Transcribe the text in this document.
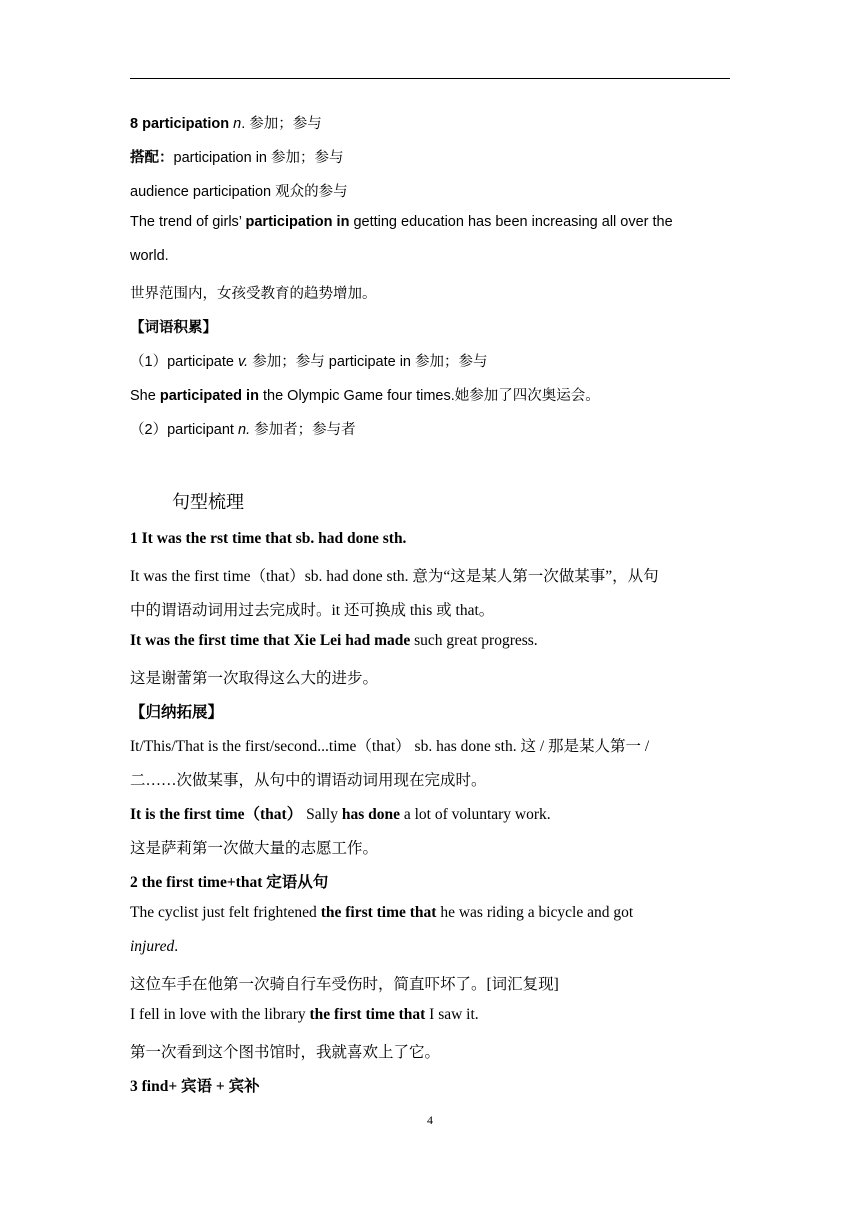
8 participation n. 参加；参与
搭配：participation in 参加；参与
audience participation 观众的参与
The trend of girls’ participation in getting education has been increasing all over the
world.
世界范围内，女孩受教育的趋势增加。
【词语积累】
（1）participate v. 参加；参与 participate in 参加；参与
She participated in the Olympic Game four times.她参加了四次奥运会。
（2）participant n. 参加者；参与者
句型梳理
1 It was the rst time that sb. had done sth.
It was the first time（that）sb. had done sth. 意为“这是某人第一次做某事”，从句
中的谓语动词用过去完成时。it 还可换成 this 或 that。
It was the first time that Xie Lei had made such great progress.
这是谢蕾第一次取得这么大的进步。
【归纳拓展】
It/This/That is the first/second...time（that） sb. has done sth. 这 / 那是某人第一 /
二……次做某事，从句中的谓语动词用现在完成时。
It is the first time（that） Sally has done a lot of voluntary work.
这是萨莉第一次做大量的志愿工作。
2 the first time+that 定语从句
The cyclist just felt frightened the first time that he was riding a bicycle and got
injured.
这位车手在他第一次骑自行车受伤时，简直吓坏了。[词汇复现]
I fell in love with the library the first time that I saw it.
第一次看到这个图书馆时，我就喜欢上了它。
3 find+ 宾语 + 宾补
4
